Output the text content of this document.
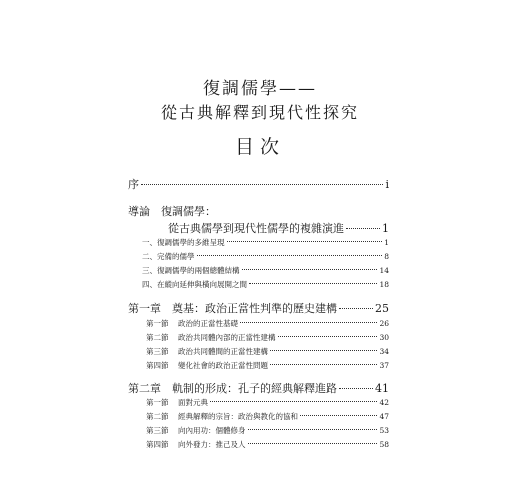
復調儒學——
從古典解釋到現代性探究
目次
序	i
導論　復調儒學：
從古典儒學到現代性儒學的複雜演進	1
一、復調儒學的多維呈現	1
二、完備的儒學	8
三、復調儒學的兩個總體結構	14
四、在縱向延伸與橫向展開之間	18
第一章　奠基：政治正當性判準的歷史建構	25
第一節 政治的正當性基礎	26
第二節 政治共同體內部的正當性建構	30
第三節 政治共同體間的正當性建構	34
第四節 變化社會的政治正當性問題	37
第二章　軌制的形成：孔子的經典解釋進路	41
第一節 面對元典	42
第二節 經典解釋的宗旨：政治與教化的協和	47
第三節 向內用功：個體修身	53
第四節 向外發力：推己及人	58
